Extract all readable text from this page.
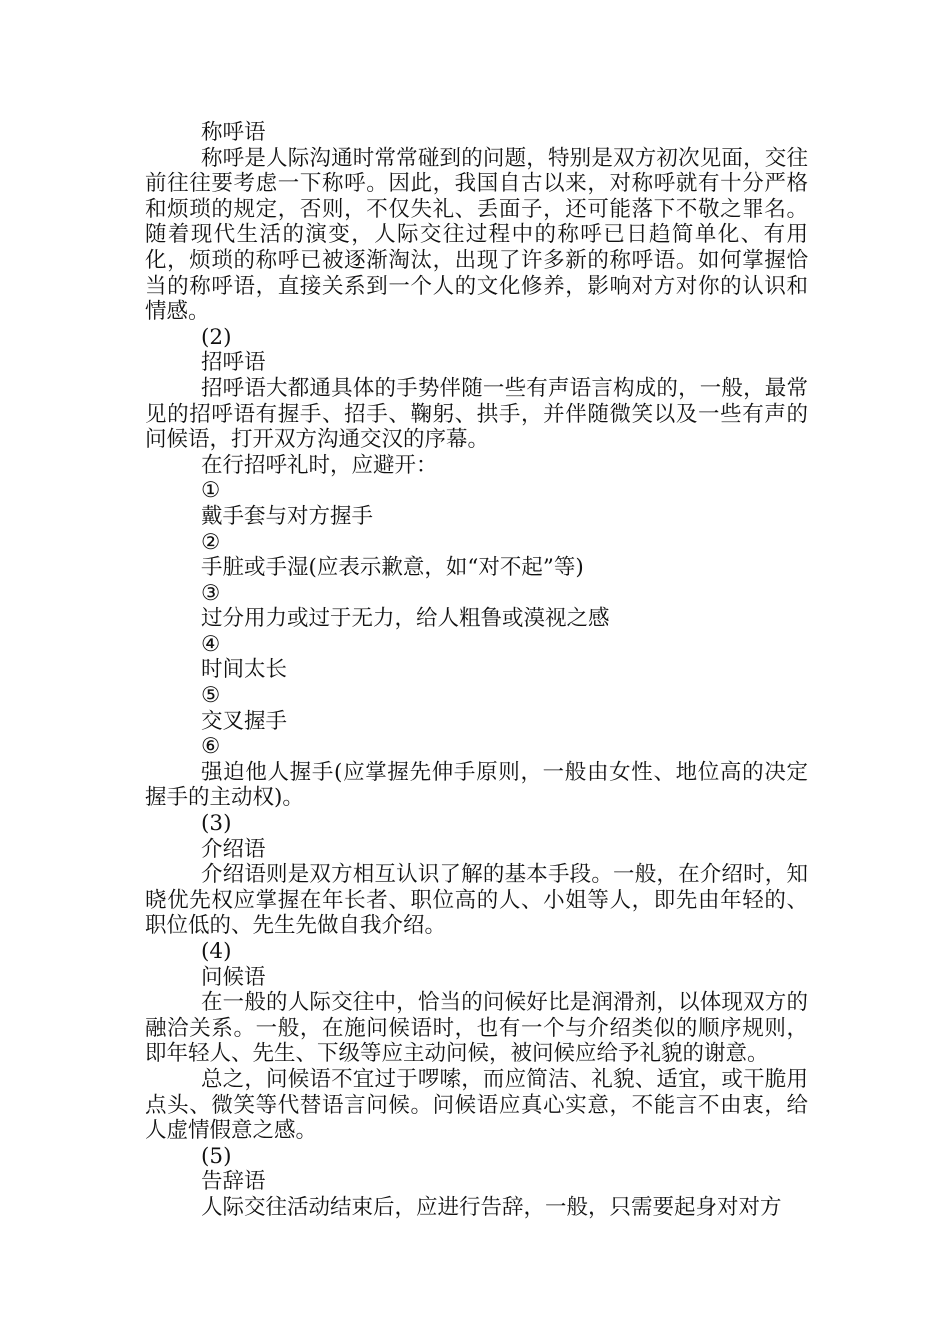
称呼语

称呼是人际沟通时常常碰到的问题，特别是双方初次见面，交往前往往要考虑一下称呼。因此，我国自古以来，对称呼就有十分严格和烦琐的规定，否则，不仅失礼、丢面子，还可能落下不敬之罪名。随着现代生活的演变，人际交往过程中的称呼已日趋简单化、有用化，烦琐的称呼已被逐渐淘汰，出现了许多新的称呼语。如何掌握恰当的称呼语，直接关系到一个人的文化修养，影响对方对你的认识和情感。

(2)

招呼语

招呼语大都通具体的手势伴随一些有声语言构成的，一般，最常见的招呼语有握手、招手、鞠躬、拱手，并伴随微笑以及一些有声的问候语，打开双方沟通交汉的序幕。

在行招呼礼时，应避开：

①

戴手套与对方握手

②

手脏或手湿(应表示歉意，如“对不起”等)

③

过分用力或过于无力，给人粗鲁或漠视之感

④

时间太长

⑤

交叉握手

⑥

强迫他人握手(应掌握先伸手原则，一般由女性、地位高的决定握手的主动权)。

(3)

介绍语

介绍语则是双方相互认识了解的基本手段。一般，在介绍时，知晓优先权应掌握在年长者、职位高的人、小姐等人，即先由年轻的、职位低的、先生先做自我介绍。

(4)

问候语

在一般的人际交往中，恰当的问候好比是润滑剂，以体现双方的融洽关系。一般，在施问候语时，也有一个与介绍类似的顺序规则，即年轻人、先生、下级等应主动问候，被问候应给予礼貌的谢意。

总之，问候语不宜过于啰嗦，而应简洁、礼貌、适宜，或干脆用点头、微笑等代替语言问候。问候语应真心实意，不能言不由衷，给人虚情假意之感。

(5)

告辞语

人际交往活动结束后，应进行告辞，一般，只需要起身对对方
